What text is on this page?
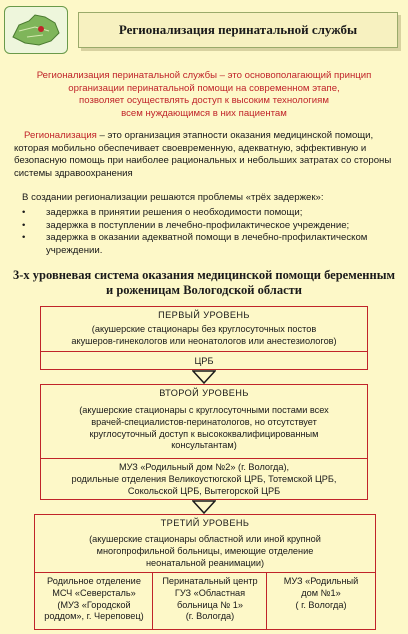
Регионализация перинатальной службы
Регионализация перинатальной службы – это основополагающий принцип
организации перинатальной помощи на современном этапе,
позволяет осуществлять доступ к высоким технологиям
всем нуждающимся в них пациентам
Регионализация – это организация этапности оказания медицинской помощи, которая мобильно обеспечивает своевременную, адекватную, эффективную и безопасную помощь при наиболее рациональных и небольших затратах со стороны системы здравоохранения
В создании регионализации решаются проблемы «трёх задержек»:
• задержка в принятии решения о необходимости помощи;
• задержка в поступлении в лечебно-профилактическое учреждение;
• задержка в оказании адекватной помощи в лечебно-профилактическом учреждении.
3-х уровневая система оказания медицинской помощи беременным
и роженицам Вологодской области
ПЕРВЫЙ УРОВЕНЬ
(акушерские стационары без круглосуточных постов
акушеров-гинекологов или неонатологов или анестезиологов)
ЦРБ
ВТОРОЙ УРОВЕНЬ
(акушерские стационары с круглосуточными постами всех
врачей-специалистов-перинатологов, но отсутствует
круглосуточный доступ к высококвалифицированным
консультантам)
МУЗ «Родильный дом №2» (г. Вологда),
родильные отделения Великоустюгской ЦРБ, Тотемской ЦРБ,
Сокольской ЦРБ, Вытегорской ЦРБ
ТРЕТИЙ УРОВЕНЬ
(акушерские стационары областной или иной крупной
многопрофильной больницы, имеющие отделение
неонатальной реанимации)
Родильное отделение
МСЧ «Северсталь»
(МУЗ «Городской
роддом», г. Череповец)
Перинатальный центр
ГУЗ «Областная
больница № 1»
(г. Вологда)
МУЗ «Родильный
дом №1»
( г. Вологда)
